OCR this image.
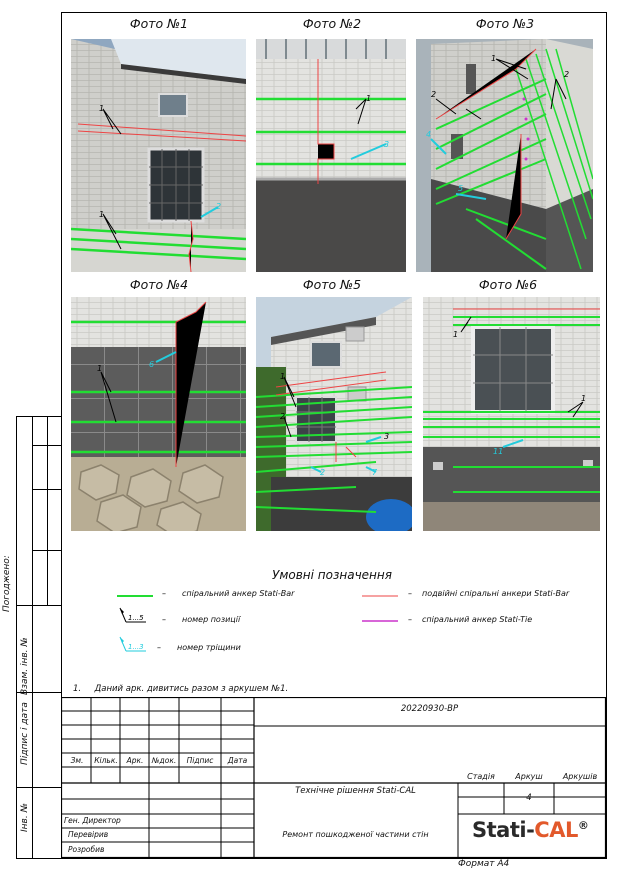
Погоджено:
Взам. інв. №
Підпис і дата
Інв. №
Фото №1	Фото №2	Фото №3
Фото №4	Фото №5	Фото №6
1
1
2
1
3
1
2
2
4
5
1	6
1
2
3
2	7
1
1
11
Умовні позначення
– спіральний анкер Stati-Bar	– подвійні спіральні анкери Stati-Bar
1...5 – номер позиції	– спіральний анкер Stati-Tie
1...3 – номер тріщини
1.     Даний арк. дивитись разом з аркушем №1.
20220930-ВР
Зм.	Кільк.	Арк.	№док.	Підпис	Дата
Технічне рішення Stati-CAL
Ремонт пошкодженої частини стін
Стадія	Аркуш	Аркушів
4
Ген. Директор
Перевірив
Розробив
Stati-CAL®
Формат А4
